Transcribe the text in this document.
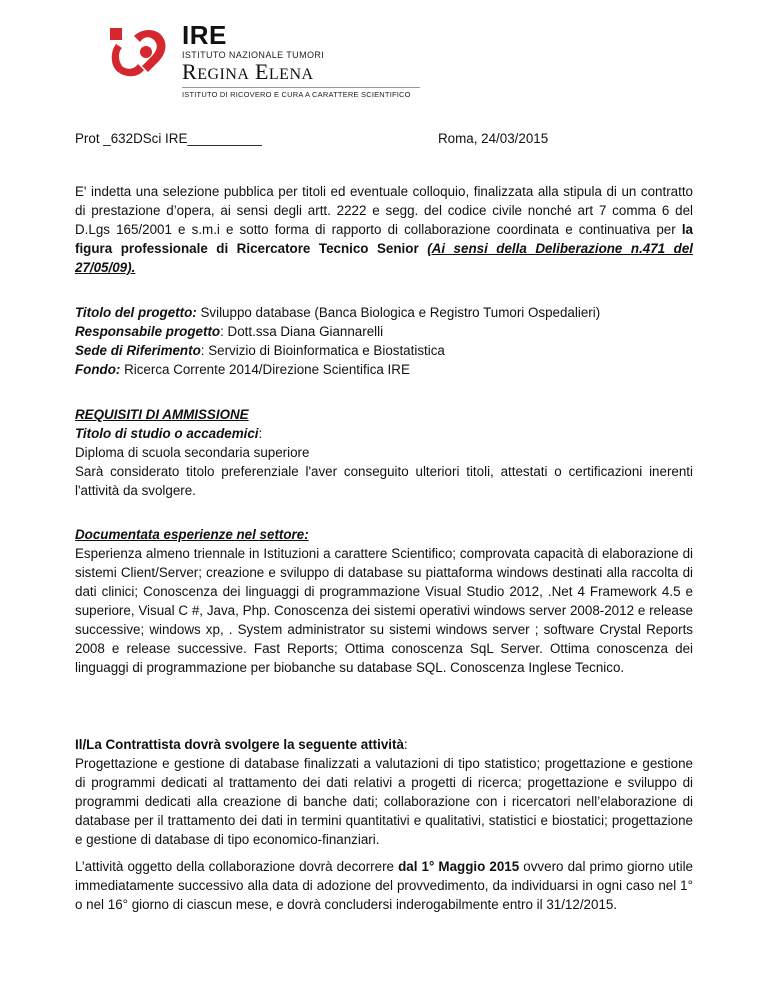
IRE
ISTITUTO NAZIONALE TUMORI
REGINA ELENA
ISTITUTO DI RICOVERO E CURA A CARATTERE SCIENTIFICO
Prot _632DSci IRE__________	Roma, 24/03/2015
E' indetta una selezione pubblica per titoli ed eventuale colloquio, finalizzata alla stipula di un contratto di prestazione d’opera, ai sensi degli artt. 2222 e segg. del codice civile nonché art 7 comma 6 del D.Lgs 165/2001 e s.m.i e sotto forma di rapporto di collaborazione coordinata e continuativa per la figura professionale di Ricercatore Tecnico Senior (Ai sensi della Deliberazione n.471 del 27/05/09).
Titolo del progetto: Sviluppo database (Banca Biologica e Registro Tumori Ospedalieri)
Responsabile progetto: Dott.ssa Diana Giannarelli
Sede di Riferimento: Servizio di Bioinformatica e Biostatistica
Fondo: Ricerca Corrente 2014/Direzione Scientifica IRE
REQUISITI DI AMMISSIONE
Titolo di studio o accademici:
Diploma di scuola secondaria superiore
Sarà considerato titolo preferenziale l'aver conseguito ulteriori titoli, attestati o certificazioni inerenti l'attività da svolgere.
Documentata esperienze nel settore:
Esperienza almeno triennale in Istituzioni a carattere Scientifico; comprovata capacità di elaborazione di sistemi Client/Server; creazione e sviluppo di database su piattaforma windows destinati alla raccolta di dati clinici; Conoscenza dei linguaggi di programmazione Visual Studio 2012, .Net 4 Framework 4.5 e superiore, Visual C #, Java, Php. Conoscenza dei sistemi operativi windows server 2008-2012 e release successive; windows xp, . System administrator su sistemi windows server ; software Crystal Reports 2008 e release successive. Fast Reports; Ottima conoscenza SqL Server. Ottima conoscenza dei linguaggi di programmazione per biobanche su database SQL. Conoscenza Inglese Tecnico.
Il/La Contrattista dovrà svolgere la seguente attività:
Progettazione e gestione di database finalizzati a valutazioni di tipo statistico; progettazione e gestione di programmi dedicati al trattamento dei dati relativi a progetti di ricerca; progettazione e sviluppo di programmi dedicati alla creazione di banche dati; collaborazione con i ricercatori nell’elaborazione di database per il trattamento dei dati in termini quantitativi e qualitativi, statistici e biostatici; progettazione e gestione di database di tipo economico-finanziari.
L’attività oggetto della collaborazione dovrà decorrere dal 1° Maggio 2015 ovvero dal primo giorno utile immediatamente successivo alla data di adozione del provvedimento, da individuarsi in ogni caso nel 1° o nel 16° giorno di ciascun mese, e dovrà concludersi inderogabilmente entro il 31/12/2015.
